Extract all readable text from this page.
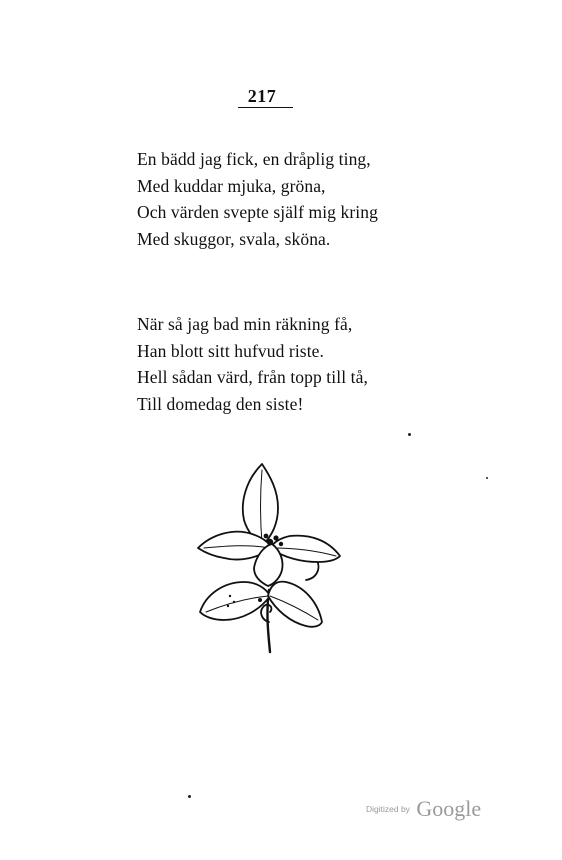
217
En bädd jag fick, en dråplig ting,
Med kuddar mjuka, gröna,
Och värden svepte själf mig kring
Med skuggor, svala, sköna.
När så jag bad min räkning få,
Han blott sitt hufvud riste.
Hell sådan värd, från topp till tå,
Till domedag den siste!
Digitized by Google
